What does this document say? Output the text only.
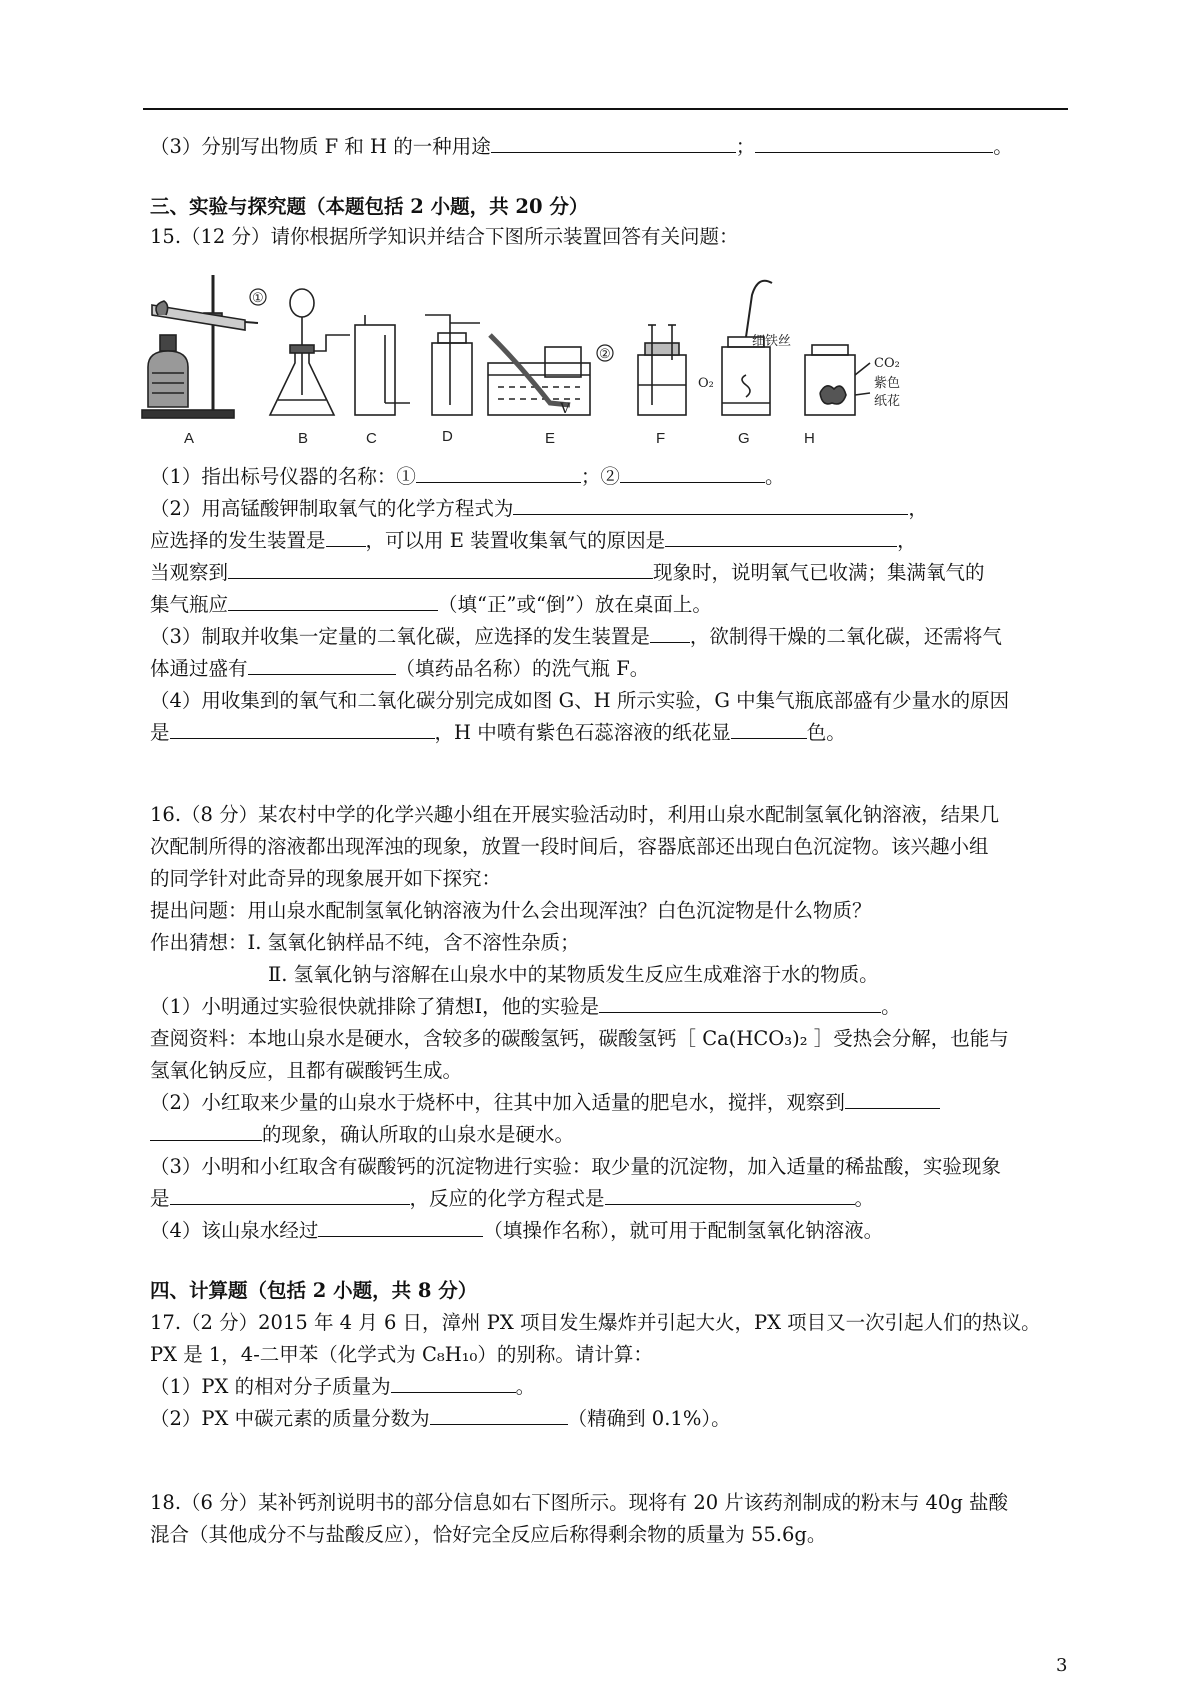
（3）分别写出物质 F 和 H 的一种用途	；	。
三、实验与探究题（本题包括 2 小题，共 20 分）
15.（12 分）请你根据所学知识并结合下图所示装置回答有关问题：
V
①
②
细铁丝
O₂
CO₂
紫色
纸花
A	B	C	D	E	F	G	H
（1）指出标号仪器的名称：①	；②	。
（2）用高锰酸钾制取氧气的化学方程式为	，
应选择的发生装置是 ，可以用 E 装置收集氧气的原因是	，
当观察到	现象时，说明氧气已收满；集满氧气的
集气瓶应	（填“正”或“倒”）放在桌面上。
（3）制取并收集一定量的二氧化碳，应选择的发生装置是 ，欲制得干燥的二氧化碳，还需将气
体通过盛有	（填药品名称）的洗气瓶 F。
（4）用收集到的氧气和二氧化碳分别完成如图 G、H 所示实验，G 中集气瓶底部盛有少量水的原因
是	，H 中喷有紫色石蕊溶液的纸花显	色。
16.（8 分）某农村中学的化学兴趣小组在开展实验活动时，利用山泉水配制氢氧化钠溶液，结果几
次配制所得的溶液都出现浑浊的现象，放置一段时间后，容器底部还出现白色沉淀物。该兴趣小组
的同学针对此奇异的现象展开如下探究：
提出问题：用山泉水配制氢氧化钠溶液为什么会出现浑浊？白色沉淀物是什么物质？
作出猜想：Ⅰ. 氢氧化钠样品不纯，含不溶性杂质；
Ⅱ. 氢氧化钠与溶解在山泉水中的某物质发生反应生成难溶于水的物质。
（1）小明通过实验很快就排除了猜想Ⅰ，他的实验是	。
查阅资料：本地山泉水是硬水，含较多的碳酸氢钙，碳酸氢钙［ Ca(HCO₃)₂ ］受热会分解，也能与
氢氧化钠反应，且都有碳酸钙生成。
（2）小红取来少量的山泉水于烧杯中，往其中加入适量的肥皂水，搅拌，观察到
的现象，确认所取的山泉水是硬水。
（3）小明和小红取含有碳酸钙的沉淀物进行实验：取少量的沉淀物，加入适量的稀盐酸，实验现象
是	，反应的化学方程式是	。
（4）该山泉水经过	（填操作名称），就可用于配制氢氧化钠溶液。
四、计算题（包括 2 小题，共 8 分）
17.（2 分）2015 年 4 月 6 日，漳州 PX 项目发生爆炸并引起大火，PX 项目又一次引起人们的热议。
PX 是 1，4-二甲苯（化学式为 C₈H₁₀）的别称。请计算：
（1）PX 的相对分子质量为	。
（2）PX 中碳元素的质量分数为	（精确到 0.1%）。
18.（6 分）某补钙剂说明书的部分信息如右下图所示。现将有 20 片该药剂制成的粉末与 40g 盐酸
混合（其他成分不与盐酸反应），恰好完全反应后称得剩余物的质量为 55.6g。
3
